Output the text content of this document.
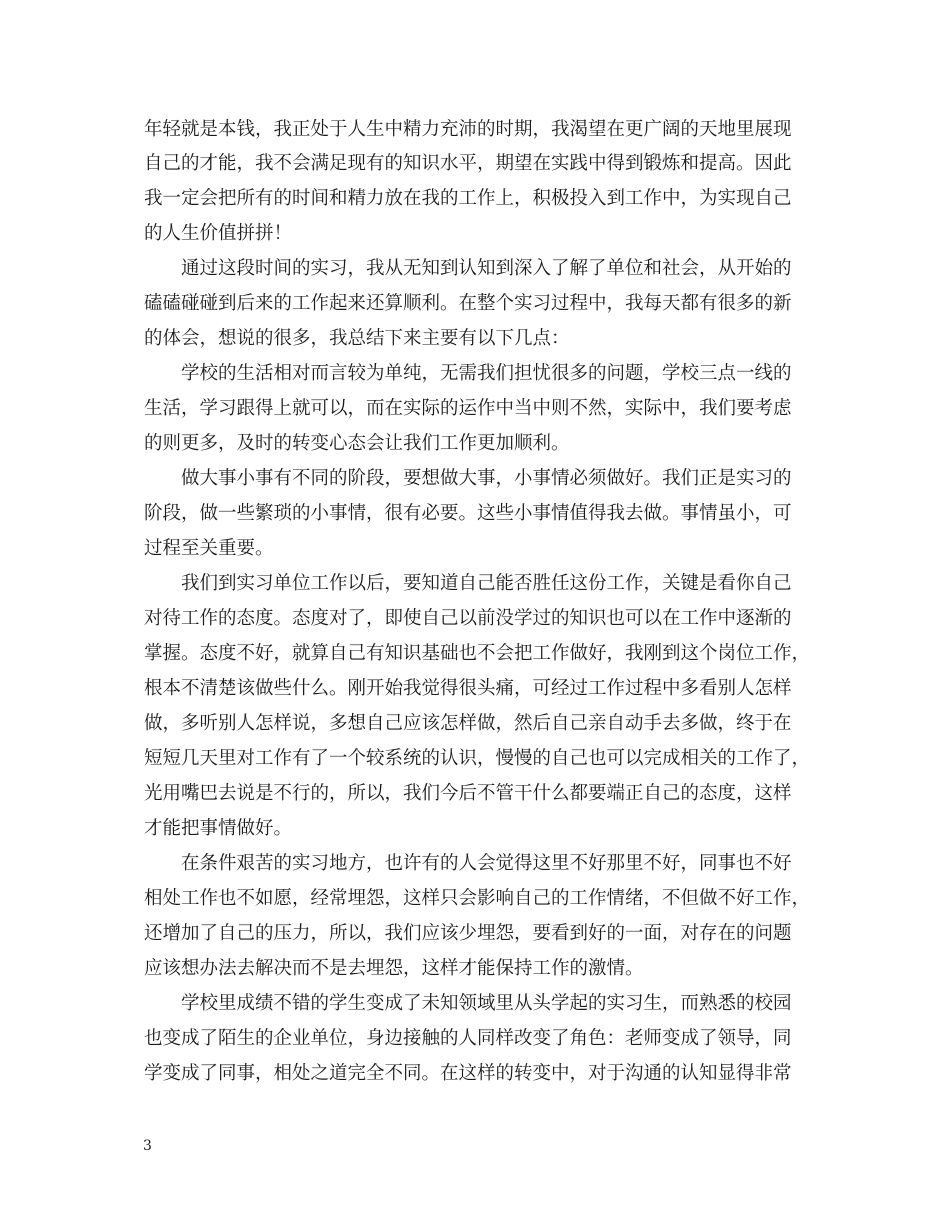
年轻就是本钱，我正处于人生中精力充沛的时期，我渴望在更广阔的天地里展现
自己的才能，我不会满足现有的知识水平，期望在实践中得到锻炼和提高。因此
我一定会把所有的时间和精力放在我的工作上，积极投入到工作中，为实现自己
的人生价值拼拼！
　　通过这段时间的实习，我从无知到认知到深入了解了单位和社会，从开始的
磕磕碰碰到后来的工作起来还算顺利。在整个实习过程中，我每天都有很多的新
的体会，想说的很多，我总结下来主要有以下几点：
　　学校的生活相对而言较为单纯，无需我们担忧很多的问题，学校三点一线的
生活，学习跟得上就可以，而在实际的运作中当中则不然，实际中，我们要考虑
的则更多，及时的转变心态会让我们工作更加顺利。
　　做大事小事有不同的阶段，要想做大事，小事情必须做好。我们正是实习的
阶段，做一些繁琐的小事情，很有必要。这些小事情值得我去做。事情虽小，可
过程至关重要。
　　我们到实习单位工作以后，要知道自己能否胜任这份工作，关键是看你自己
对待工作的态度。态度对了，即使自己以前没学过的知识也可以在工作中逐渐的
掌握。态度不好，就算自己有知识基础也不会把工作做好，我刚到这个岗位工作，
根本不清楚该做些什么。刚开始我觉得很头痛，可经过工作过程中多看别人怎样
做，多听别人怎样说，多想自己应该怎样做，然后自己亲自动手去多做，终于在
短短几天里对工作有了一个较系统的认识，慢慢的自己也可以完成相关的工作了，
光用嘴巴去说是不行的，所以，我们今后不管干什么都要端正自己的态度，这样
才能把事情做好。
　　在条件艰苦的实习地方，也许有的人会觉得这里不好那里不好，同事也不好
相处工作也不如愿，经常埋怨，这样只会影响自己的工作情绪，不但做不好工作，
还增加了自己的压力，所以，我们应该少埋怨，要看到好的一面，对存在的问题
应该想办法去解决而不是去埋怨，这样才能保持工作的激情。
　　学校里成绩不错的学生变成了未知领域里从头学起的实习生，而熟悉的校园
也变成了陌生的企业单位，身边接触的人同样改变了角色：老师变成了领导，同
学变成了同事，相处之道完全不同。在这样的转变中，对于沟通的认知显得非常
3
